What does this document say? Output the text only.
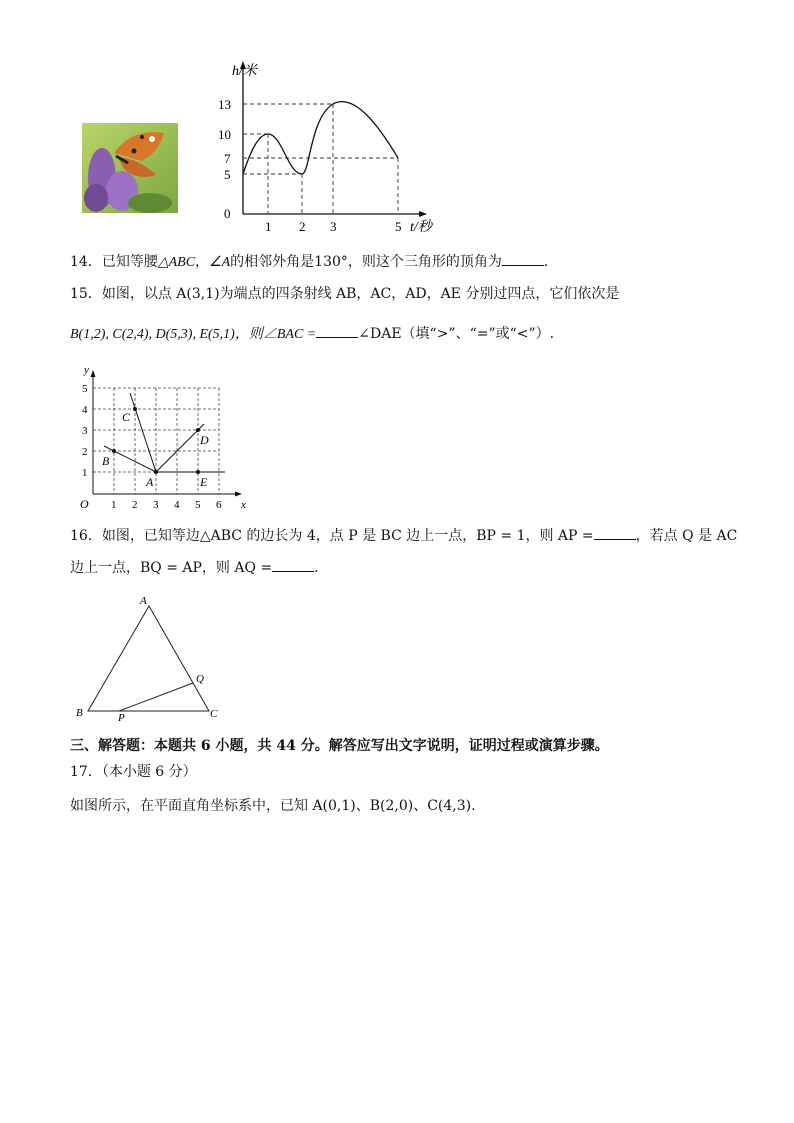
h/米
t/秒
13
10
7
5
0
1 2 3	5
14．已知等腰△ABC，∠A的相邻外角是130°，则这个三角形的顶角为	.
15．如图，以点 A(3,1)为端点的四条射线 AB，AC，AD，AE 分别过四点，它们依次是
B(1,2), C(2,4), D(5,3), E(5,1)，则∠BAC =	∠DAE（填“>”、“=”或“<”）.
y
x
O 1 2 3 4 5 6
5
4
3
2
1
A
B
C
D
E
16．如图，已知等边△ABC 的边长为 4，点 P 是 BC 边上一点，BP = 1，则 AP =	，若点 Q 是 AC
边上一点，BQ = AP，则 AQ =	.
A
B	C
P
Q
三、解答题：本题共 6 小题，共 44 分。解答应写出文字说明，证明过程或演算步骤。
17．（本小题 6 分）
如图所示，在平面直角坐标系中，已知 A(0,1)、B(2,0)、C(4,3).
